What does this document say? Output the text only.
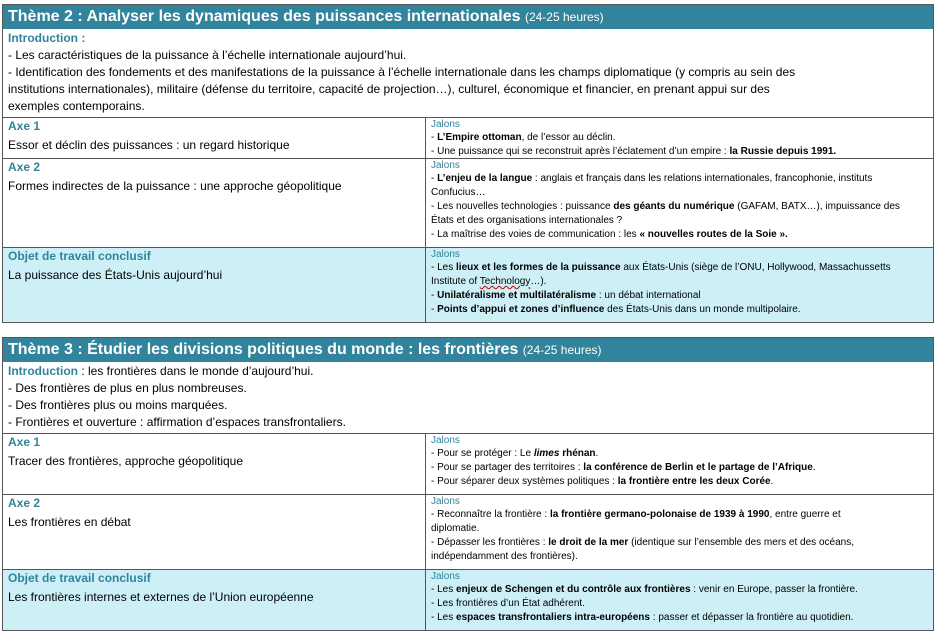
Thème 2 : Analyser les dynamiques des puissances internationales (24-25 heures)
Introduction :
- Les caractéristiques de la puissance à l’échelle internationale aujourd’hui.
- Identification des fondements et des manifestations de la puissance à l’échelle internationale dans les champs diplomatique (y compris au sein des
institutions internationales), militaire (défense du territoire, capacité de projection…), culturel, économique et financier, en prenant appui sur des
exemples contemporains.
Axe 1
Essor et déclin des puissances : un regard historique
Jalons
- L’Empire ottoman, de l’essor au déclin.
- Une puissance qui se reconstruit après l’éclatement d’un empire : la Russie depuis 1991.
Axe 2
Formes indirectes de la puissance : une approche géopolitique
Jalons
- L’enjeu de la langue : anglais et français dans les relations internationales, francophonie, instituts
Confucius…
- Les nouvelles technologies : puissance des géants du numérique (GAFAM, BATX…), impuissance des
États et des organisations internationales ?
- La maîtrise des voies de communication : les « nouvelles routes de la Soie ».
Objet de travail conclusif
La puissance des États-Unis aujourd’hui
Jalons
- Les lieux et les formes de la puissance aux États-Unis (siège de l’ONU, Hollywood, Massachussetts
Institute of Technology…).
- Unilatéralisme et multilatéralisme : un débat international
- Points d’appui et zones d’influence des États-Unis dans un monde multipolaire.
Thème 3 : Étudier les divisions politiques du monde : les frontières (24-25 heures)
Introduction : les frontières dans le monde d’aujourd’hui.
- Des frontières de plus en plus nombreuses.
- Des frontières plus ou moins marquées.
- Frontières et ouverture : affirmation d’espaces transfrontaliers.
Axe 1
Tracer des frontières, approche géopolitique
Jalons
- Pour se protéger : Le limes rhénan.
- Pour se partager des territoires : la conférence de Berlin et le partage de l’Afrique.
- Pour séparer deux systèmes politiques : la frontière entre les deux Corée.
Axe 2
Les frontières en débat
Jalons
- Reconnaître la frontière : la frontière germano-polonaise de 1939 à 1990, entre guerre et
diplomatie.
- Dépasser les frontières : le droit de la mer (identique sur l’ensemble des mers et des océans,
indépendamment des frontières).
Objet de travail conclusif
Les frontières internes et externes de l’Union européenne
Jalons
- Les enjeux de Schengen et du contrôle aux frontières : venir en Europe, passer la frontière.
- Les frontières d’un État adhérent.
- Les espaces transfrontaliers intra-européens : passer et dépasser la frontière au quotidien.
